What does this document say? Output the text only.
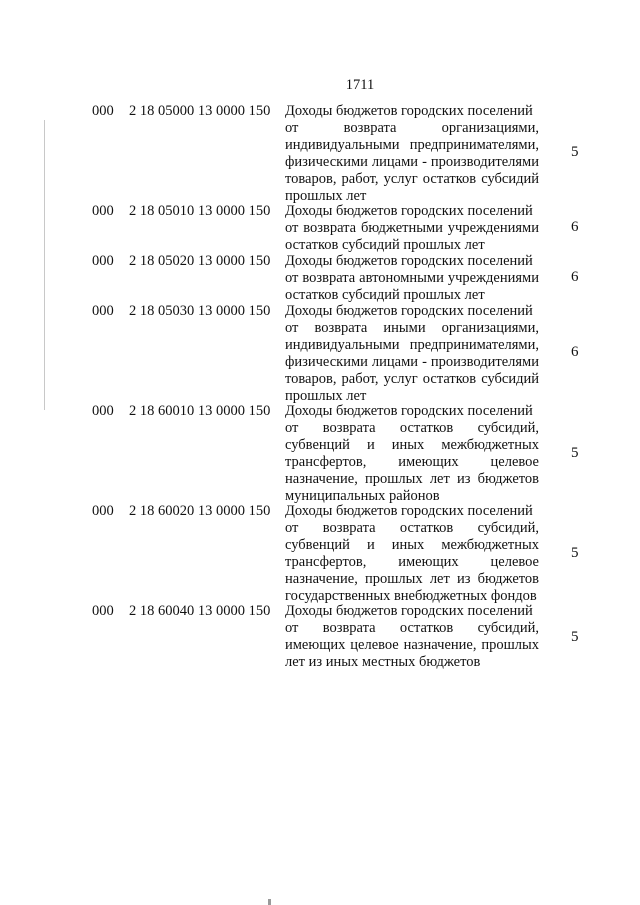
1711
000 2 18 05000 13 0000 150 Доходы бюджетов городских поселений
от возврата организациями,
индивидуальными предпринимателями,
физическими лицами - производителями
товаров, работ, услуг остатков субсидий
прошлых лет
5
000 2 18 05010 13 0000 150 Доходы бюджетов городских поселений
от возврата бюджетными учреждениями
остатков субсидий прошлых лет
6
000 2 18 05020 13 0000 150 Доходы бюджетов городских поселений
от возврата автономными учреждениями
остатков субсидий прошлых лет
6
000 2 18 05030 13 0000 150 Доходы бюджетов городских поселений
от возврата иными организациями,
индивидуальными предпринимателями,
физическими лицами - производителями
товаров, работ, услуг остатков субсидий
прошлых лет
6
000 2 18 60010 13 0000 150 Доходы бюджетов городских поселений
от возврата остатков субсидий,
субвенций и иных межбюджетных
трансфертов, имеющих целевое
назначение, прошлых лет из бюджетов
муниципальных районов
5
000 2 18 60020 13 0000 150 Доходы бюджетов городских поселений
от возврата остатков субсидий,
субвенций и иных межбюджетных
трансфертов, имеющих целевое
назначение, прошлых лет из бюджетов
государственных внебюджетных фондов
5
000 2 18 60040 13 0000 150 Доходы бюджетов городских поселений
от возврата остатков субсидий,
имеющих целевое назначение, прошлых
лет из иных местных бюджетов
5
